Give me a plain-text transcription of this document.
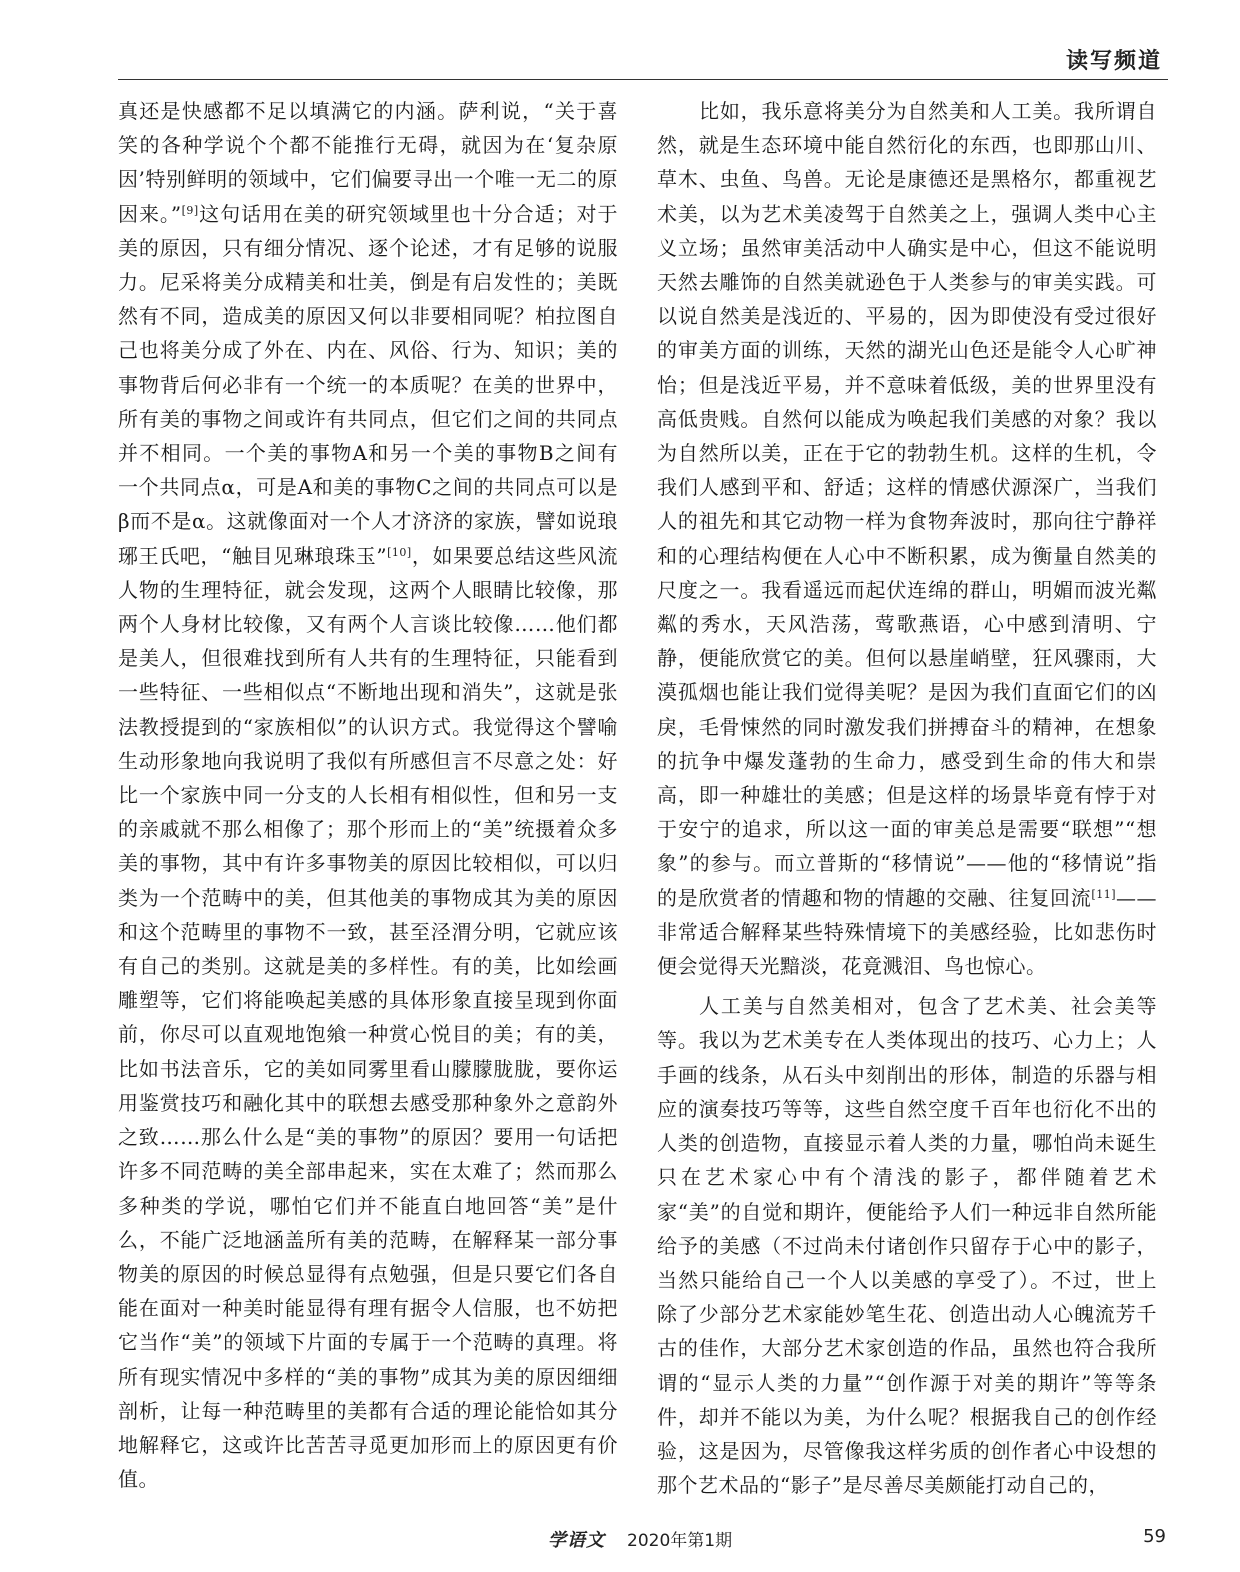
读写频道

真还是快感都不足以填满它的内涵。萨利说，“关于喜笑的各种学说个个都不能推行无碍，就因为在‘复杂原因’特别鲜明的领域中，它们偏要寻出一个唯一无二的原因来。”[9]这句话用在美的研究领域里也十分合适；对于美的原因，只有细分情况、逐个论述，才有足够的说服力。尼采将美分成精美和壮美，倒是有启发性的；美既然有不同，造成美的原因又何以非要相同呢？柏拉图自己也将美分成了外在、内在、风俗、行为、知识；美的事物背后何必非有一个统一的本质呢？在美的世界中，所有美的事物之间或许有共同点，但它们之间的共同点并不相同。一个美的事物A和另一个美的事物B之间有一个共同点α，可是A和美的事物C之间的共同点可以是β而不是α。这就像面对一个人才济济的家族，譬如说琅琊王氏吧，“触目见琳琅珠玉”[10]，如果要总结这些风流人物的生理特征，就会发现，这两个人眼睛比较像，那两个人身材比较像，又有两个人言谈比较像……他们都是美人，但很难找到所有人共有的生理特征，只能看到一些特征、一些相似点“不断地出现和消失”，这就是张法教授提到的“家族相似”的认识方式。我觉得这个譬喻生动形象地向我说明了我似有所感但言不尽意之处：好比一个家族中同一分支的人长相有相似性，但和另一支的亲戚就不那么相像了；那个形而上的“美”统摄着众多美的事物，其中有许多事物美的原因比较相似，可以归类为一个范畴中的美，但其他美的事物成其为美的原因和这个范畴里的事物不一致，甚至泾渭分明，它就应该有自己的类别。这就是美的多样性。有的美，比如绘画雕塑等，它们将能唤起美感的具体形象直接呈现到你面前，你尽可以直观地饱飨一种赏心悦目的美；有的美，比如书法音乐，它的美如同雾里看山朦朦胧胧，要你运用鉴赏技巧和融化其中的联想去感受那种象外之意韵外之致……那么什么是“美的事物”的原因？要用一句话把许多不同范畴的美全部串起来，实在太难了；然而那么多种类的学说，哪怕它们并不能直白地回答“美”是什么，不能广泛地涵盖所有美的范畴，在解释某一部分事物美的原因的时候总显得有点勉强，但是只要它们各自能在面对一种美时能显得有理有据令人信服，也不妨把它当作“美”的领域下片面的专属于一个范畴的真理。将所有现实情况中多样的“美的事物”成其为美的原因细细剖析，让每一种范畴里的美都有合适的理论能恰如其分地解释它，这或许比苦苦寻觅更加形而上的原因更有价值。

比如，我乐意将美分为自然美和人工美。我所谓自然，就是生态环境中能自然衍化的东西，也即那山川、草木、虫鱼、鸟兽。无论是康德还是黑格尔，都重视艺术美，以为艺术美凌驾于自然美之上，强调人类中心主义立场；虽然审美活动中人确实是中心，但这不能说明天然去雕饰的自然美就逊色于人类参与的审美实践。可以说自然美是浅近的、平易的，因为即使没有受过很好的审美方面的训练，天然的湖光山色还是能令人心旷神怡；但是浅近平易，并不意味着低级，美的世界里没有高低贵贱。自然何以能成为唤起我们美感的对象？我以为自然所以美，正在于它的勃勃生机。这样的生机，令我们人感到平和、舒适；这样的情感伏源深广，当我们人的祖先和其它动物一样为食物奔波时，那向往宁静祥和的心理结构便在人心中不断积累，成为衡量自然美的尺度之一。我看遥远而起伏连绵的群山，明媚而波光粼粼的秀水，天风浩荡，莺歌燕语，心中感到清明、宁静，便能欣赏它的美。但何以悬崖峭壁，狂风骤雨，大漠孤烟也能让我们觉得美呢？是因为我们直面它们的凶戾，毛骨悚然的同时激发我们拼搏奋斗的精神，在想象的抗争中爆发蓬勃的生命力，感受到生命的伟大和崇高，即一种雄壮的美感；但是这样的场景毕竟有悖于对于安宁的追求，所以这一面的审美总是需要“联想”“想象”的参与。而立普斯的“移情说”——他的“移情说”指的是欣赏者的情趣和物的情趣的交融、往复回流[11]——非常适合解释某些特殊情境下的美感经验，比如悲伤时便会觉得天光黯淡，花竟溅泪、鸟也惊心。

人工美与自然美相对，包含了艺术美、社会美等等。我以为艺术美专在人类体现出的技巧、心力上；人手画的线条，从石头中刻削出的形体，制造的乐器与相应的演奏技巧等等，这些自然空度千百年也衍化不出的人类的创造物，直接显示着人类的力量，哪怕尚未诞生只在艺术家心中有个清浅的影子，都伴随着艺术家“美”的自觉和期许，便能给予人们一种远非自然所能给予的美感（不过尚未付诸创作只留存于心中的影子，当然只能给自己一个人以美感的享受了）。不过，世上除了少部分艺术家能妙笔生花、创造出动人心魄流芳千古的佳作，大部分艺术家创造的作品，虽然也符合我所谓的“显示人类的力量”“创作源于对美的期许”等等条件，却并不能以为美，为什么呢？根据我自己的创作经验，这是因为，尽管像我这样劣质的创作者心中设想的那个艺术品的“影子”是尽善尽美颇能打动自己的，

学语文 2020年第1期	59
